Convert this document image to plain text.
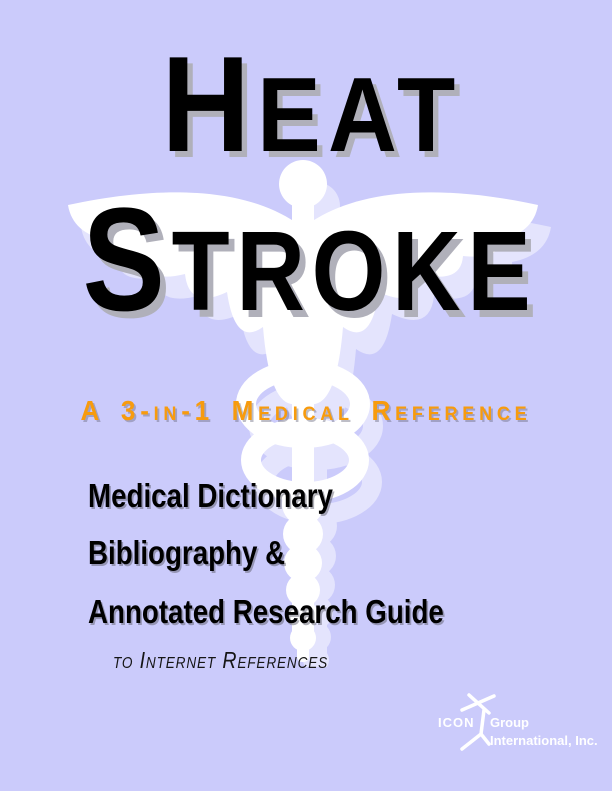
HEAT
STROKE
A 3-in-1 Medical Reference
Medical Dictionary
Bibliography &
Annotated Research Guide
to Internet References
ICON Group
International, Inc.
